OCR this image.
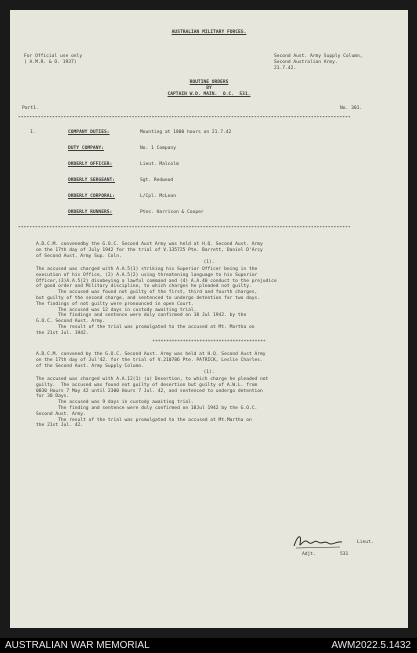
AUSTRALIAN MILITARY FORCES.
For Official use only
( A.M.R. & O. 1937)
Second Aust. Army Supply Column,
Second Australian Army.
21.7.42.
ROUTINE ORDERS
BY
CAPTAIN W.D. MAIN.  O.C.  531.
Part1.	No. 301.
*********************************************************************************************************************
1.	COMPANY DUTIES:	Mounting at 1800 hours on 21.7.42
DUTY COMPANY:	No. 1 Company
ORDERLY OFFICER:	Lieut. Malcolm
ORDERLY SERGEANT:	Sgt. Redwood
ORDERLY CORPORAL:	L/Cpl. McLean
ORDERLY RUNNERS:	Ptes. Harrison & Cooper
*********************************************************************************************************************
A.D.C.M. convenedby the G.O.C. Second Aust Army was held at H.Q. Second Aust. Army
on the 17th day of July 1942 for the trial of V.135725 Pte. Barrett, Daniel D'Arcy
of Second Aust. Army Sup. Coln.
(1).
The accused was charged with A.A.5(1) striking his Superior Officer being in the
execution of his Office, (2) A.A.5(2) using threatening language to his Superior
Officer,(3)A.A.5(2) disobeying a lawful command and (4) A.A.40 conduct to the prejudice
of good order and Military discipline, to which charges he pleaded not guilty.
The accused was found not guilty of the first, third and fourth charges,
but guilty of the second charge, and sentenced to undergo detention for two days.
The findings of not guilty were pronounced in open Court.
The accused was 12 days in custody awaiting trial.
The findings and sentence were duly confirmed on 18 Jul 1942. by the
G.O.C. Second Aust. Army.
The result of the trial was promulgated to the accused at Mt. Martha on
the 21st Jul. 1942.
*****************************************
A.D.C.M. convened by the G.O.C. Second Aust. Army was held at H.Q. Second Aust Army
on the 17th day of Jul'42. for the trial of V.210786 Pte. PATRICK, Leslie Charles.
of the Second Aust. Army Supply Column.
(1).
The accused was charged with A.A.12(1) (a) Desertion, to which charge he pleaded not
guilty.  The accused was found not guilty of desertion but guilty of A.W.L. from
0830 Hours 7 May 42 until 2300 Hours 7 Jul. 42, and sentenced to undergo detention
for 30 Days.
The accused was 9 days in custody awaiting trial.
The finding and sentence were duly confirmed on 18Jul 1942 by the G.O.C.
Second Aust. Army.
The result of the trial was promulgated to the accused at Mt.Martha on
the 21st Jul. 42.
Lieut.
Adjt.	531
AUSTRALIAN WAR MEMORIAL	AWM2022.5.1432
